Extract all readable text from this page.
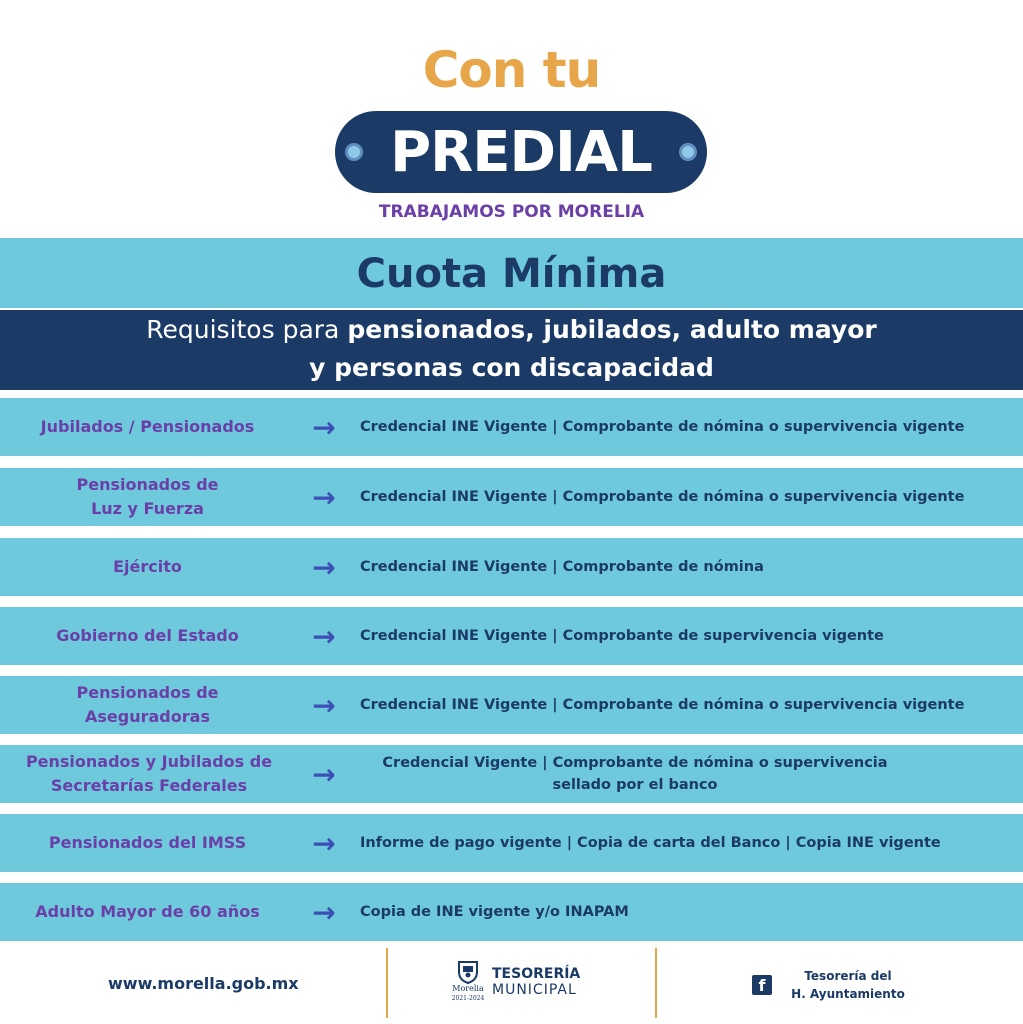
Con tu
PREDIAL
TRABAJAMOS POR MORELIA
Cuota Mínima
Requisitos para pensionados, jubilados, adulto mayor
y personas con discapacidad
Jubilados / Pensionados	→	Credencial INE Vigente | Comprobante de nómina o supervivencia vigente
Pensionados de
Luz y Fuerza	→	Credencial INE Vigente | Comprobante de nómina o supervivencia vigente
Ejército	→	Credencial INE Vigente | Comprobante de nómina
Gobierno del Estado	→	Credencial INE Vigente | Comprobante de supervivencia vigente
Pensionados de
Aseguradoras	→	Credencial INE Vigente | Comprobante de nómina o supervivencia vigente
Pensionados y Jubilados de
Secretarías Federales	→	Credencial Vigente | Comprobante de nómina o supervivencia
sellado por el banco
Pensionados del IMSS	→	Informe de pago vigente | Copia de carta del Banco | Copia INE vigente
Adulto Mayor de 60 años	→	Copia de INE vigente y/o INAPAM
www.morella.gob.mx	Morelia
2021-2024
TESORERÍA
MUNICIPAL	f	Tesorería del
H. Ayuntamiento
